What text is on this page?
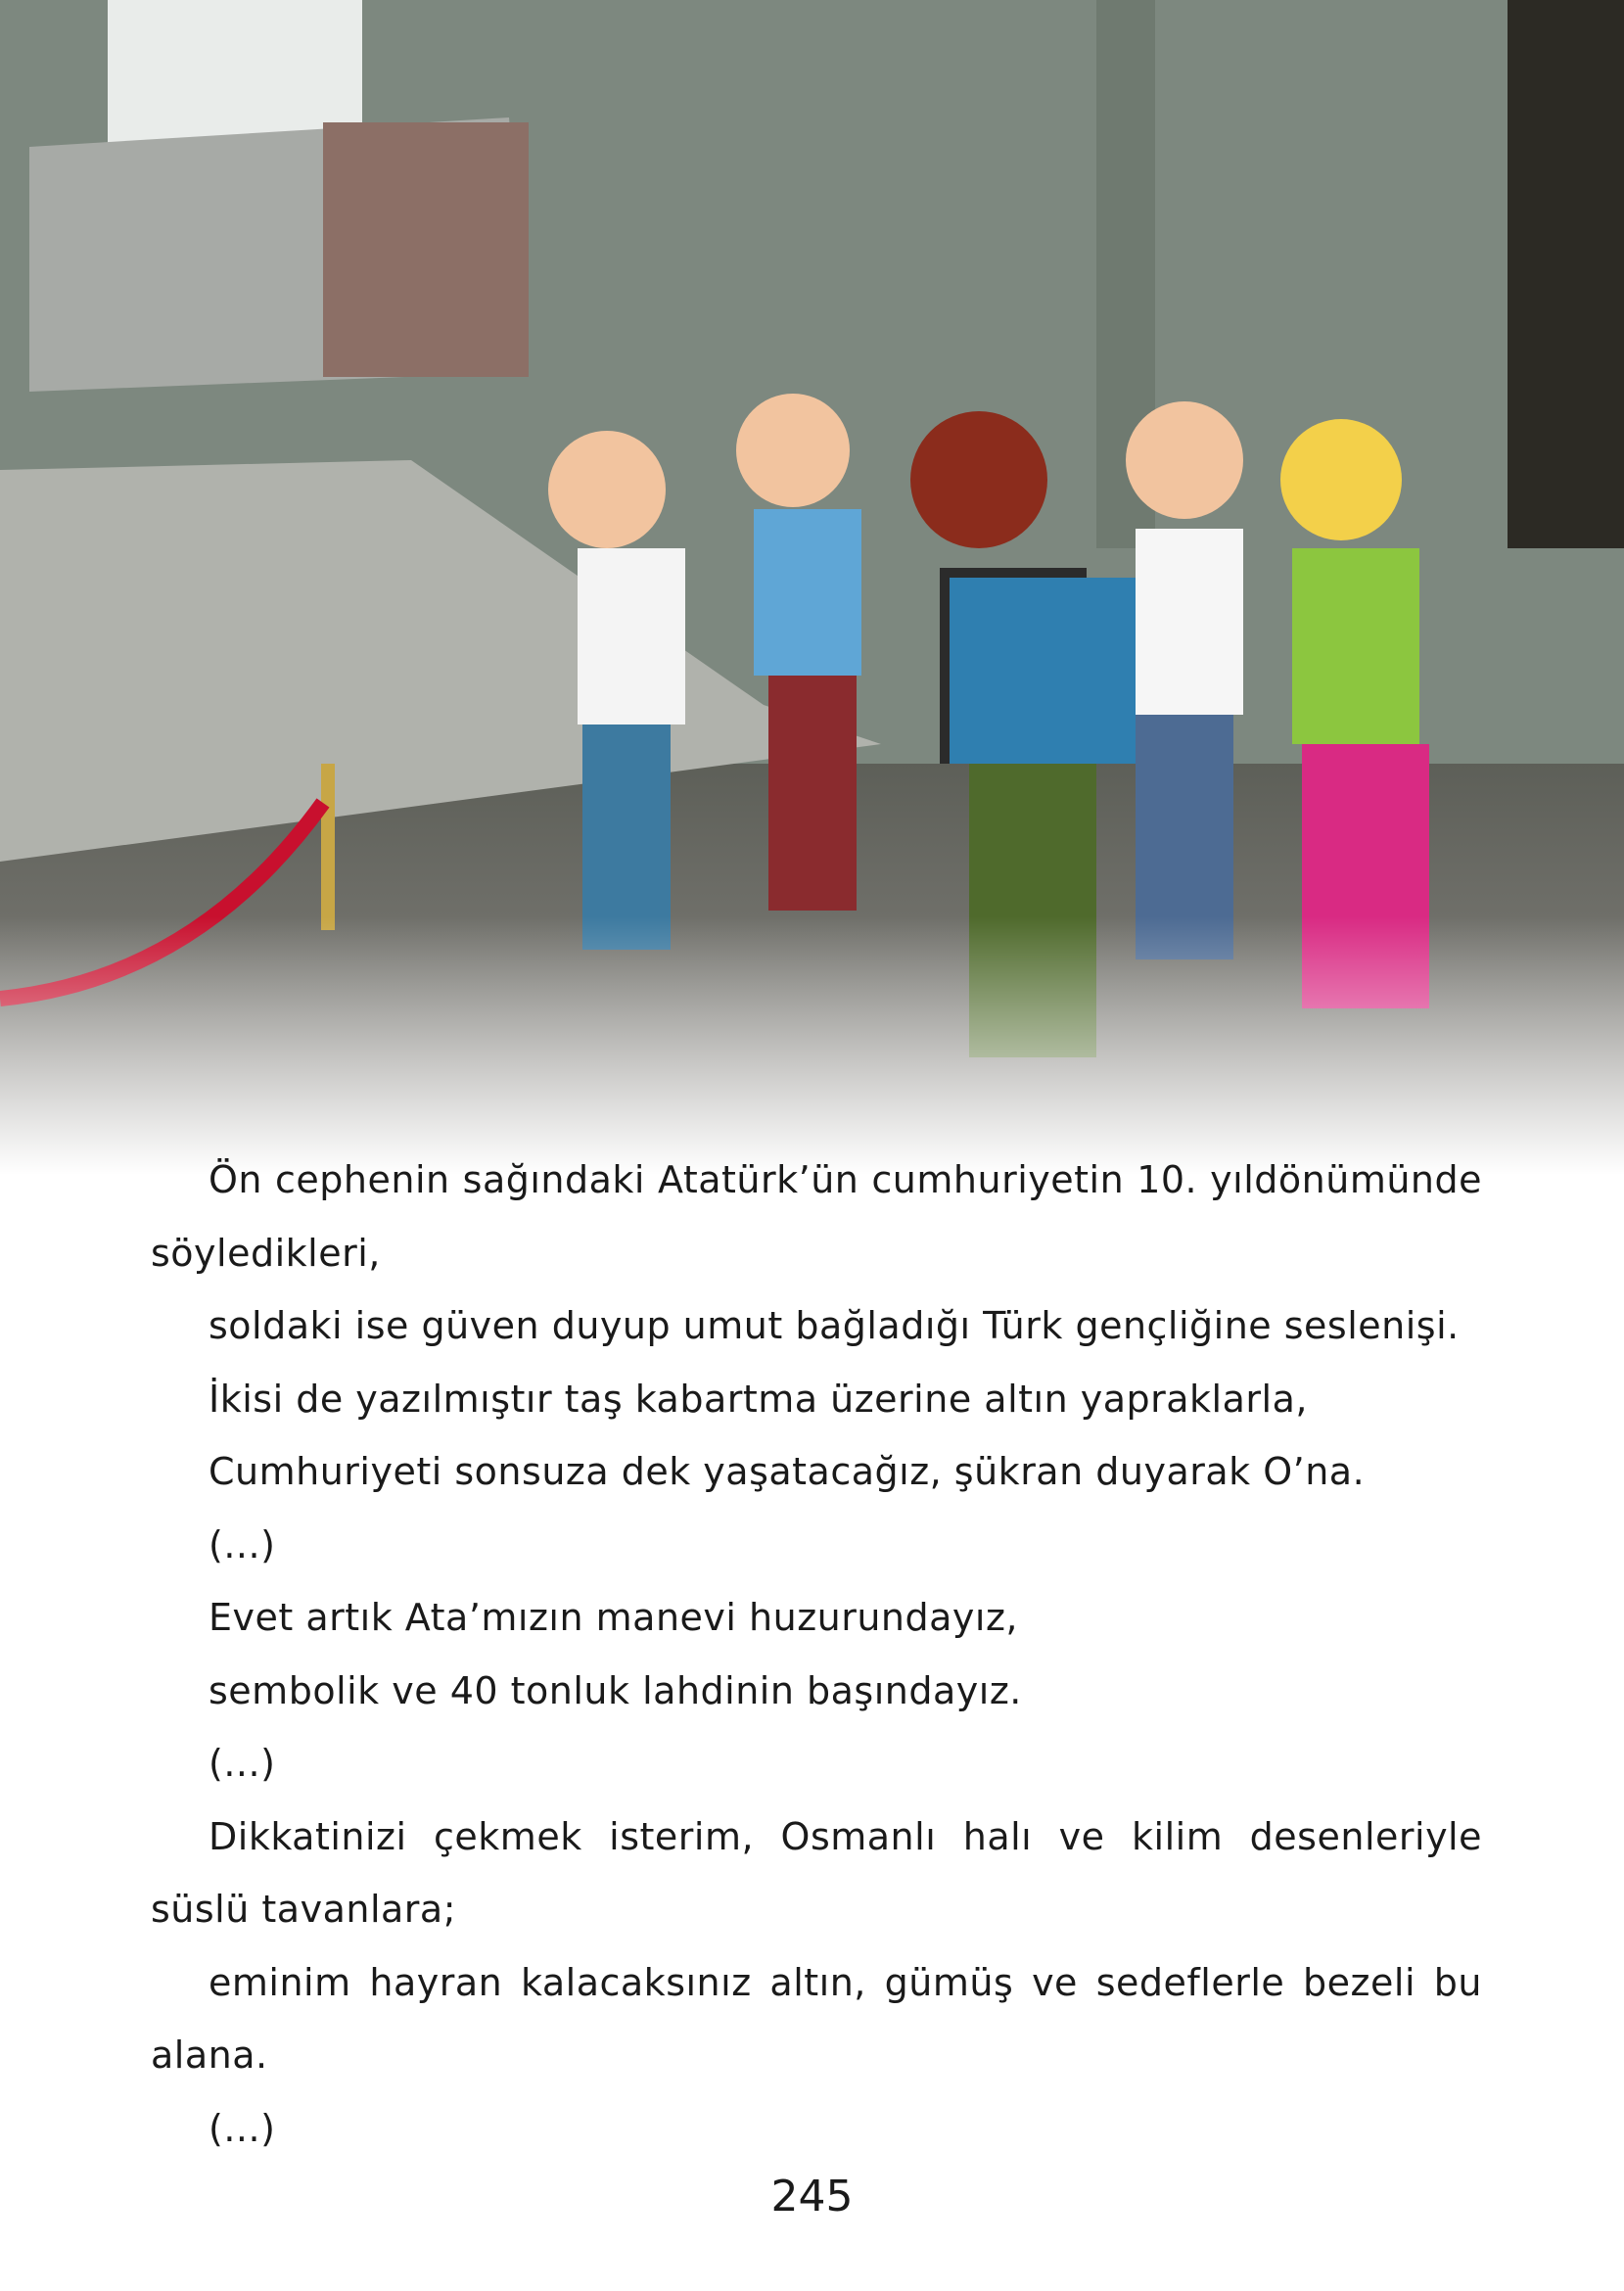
Ön cephenin sağındaki Atatürk’ün cumhuriyetin 10. yıldönümünde söyledikleri,

soldaki ise güven duyup umut bağladığı Türk gençliğine seslenişi.

İkisi de yazılmıştır taş kabartma üzerine altın yapraklarla,

Cumhuriyeti sonsuza dek yaşatacağız, şükran duyarak O’na.

(...)

Evet artık Ata’mızın manevi huzurundayız,

sembolik ve 40 tonluk lahdinin başındayız.

(...)

Dikkatinizi çekmek isterim, Osmanlı halı ve kilim desenleriyle süslü tavanlara;

eminim hayran kalacaksınız altın, gümüş ve sedeflerle bezeli bu alana.

(...)

245
